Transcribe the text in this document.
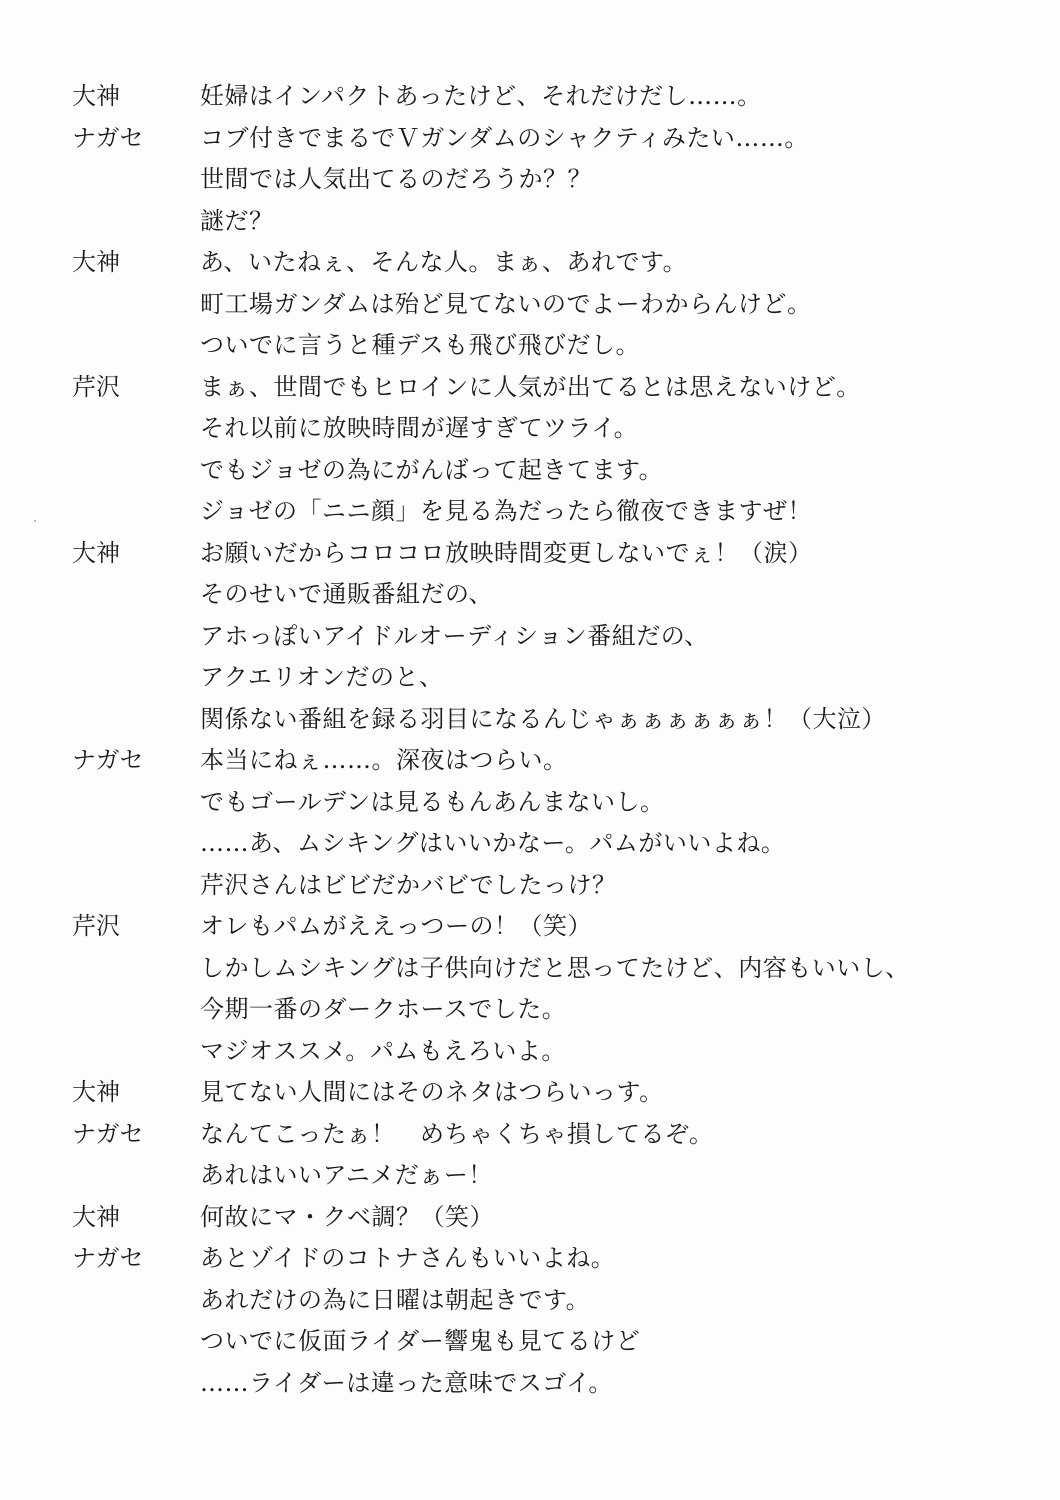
大神	妊婦はインパクトあったけど、それだけだし……。
ナガセ	コブ付きでまるでＶガンダムのシャクティみたい……。
世間では人気出てるのだろうか？？
謎だ？
大神	あ、いたねぇ、そんな人。まぁ、あれです。
町工場ガンダムは殆ど見てないのでよーわからんけど。
ついでに言うと種デスも飛び飛びだし。
芹沢	まぁ、世間でもヒロインに人気が出てるとは思えないけど。
それ以前に放映時間が遅すぎてツライ。
でもジョゼの為にがんばって起きてます。
ジョゼの「ニニ顔」を見る為だったら徹夜できますぜ！
大神	お願いだからコロコロ放映時間変更しないでぇ！（涙）
そのせいで通販番組だの、
アホっぽいアイドルオーディション番組だの、
アクエリオンだのと、
関係ない番組を録る羽目になるんじゃぁぁぁぁぁぁ！（大泣）
ナガセ	本当にねぇ……。深夜はつらい。
でもゴールデンは見るもんあんまないし。
……あ、ムシキングはいいかなー。パムがいいよね。
芹沢さんはビビだかバビでしたっけ？
芹沢	オレもパムがええっつーの！（笑）
しかしムシキングは子供向けだと思ってたけど、内容もいいし、
今期一番のダークホースでした。
マジオススメ。パムもえろいよ。
大神	見てない人間にはそのネタはつらいっす。
ナガセ	なんてこったぁ！　めちゃくちゃ損してるぞ。
あれはいいアニメだぁー！
大神	何故にマ・クベ調？（笑）
ナガセ	あとゾイドのコトナさんもいいよね。
あれだけの為に日曜は朝起きです。
ついでに仮面ライダー響鬼も見てるけど
……ライダーは違った意味でスゴイ。
